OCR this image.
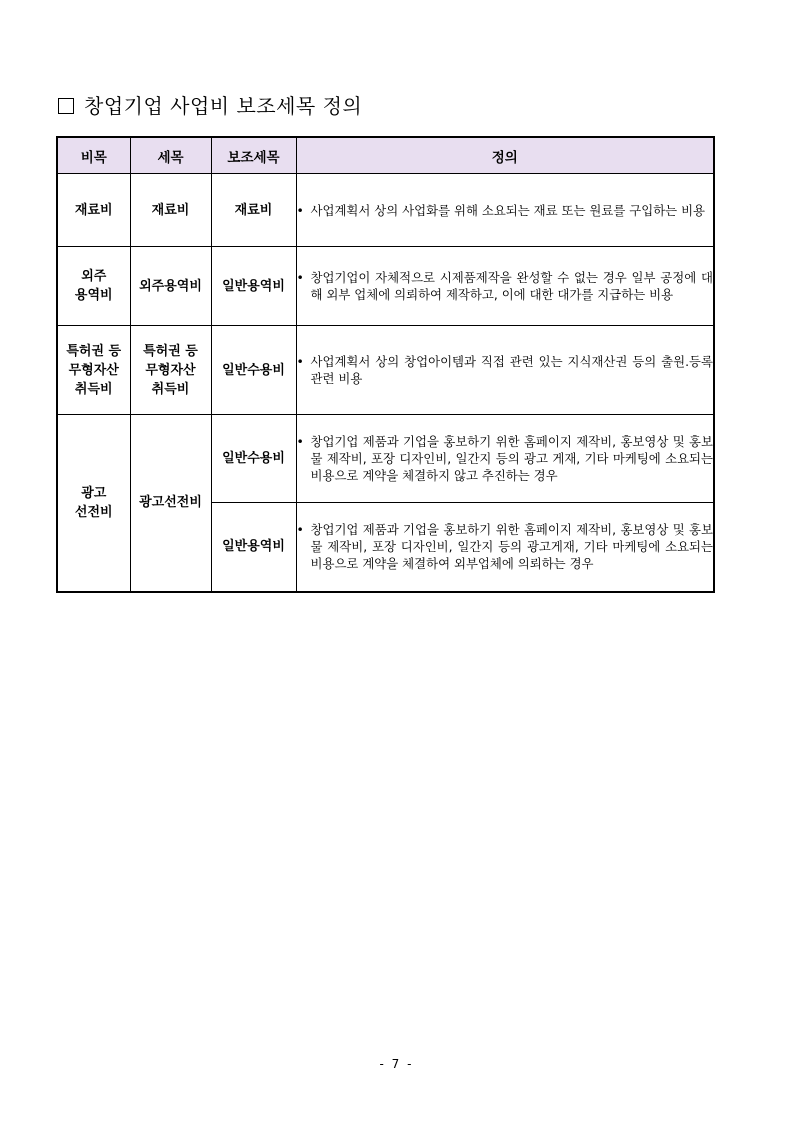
창업기업 사업비 보조세목 정의
비목	세목	보조세목	정의
재료비	재료비	재료비	• 사업계획서 상의 사업화를 위해 소요되는 재료 또는 원료를 구입하는 비용

외주
용역비	외주용역비	일반용역비	• 창업기업이 자체적으로 시제품제작을 완성할 수 없는 경우 일부 공정에 대해 외부 업체에 의뢰하여 제작하고, 이에 대한 대가를 지급하는 비용

특허권 등
무형자산
취득비	특허권 등
무형자산
취득비	일반수용비	• 사업계획서 상의 창업아이템과 직접 관련 있는 지식재산권 등의 출원.등록 관련 비용

광고
선전비	광고선전비	일반수용비	• 창업기업 제품과 기업을 홍보하기 위한 홈페이지 제작비, 홍보영상 및 홍보물 제작비, 포장 디자인비, 일간지 등의 광고 게재, 기타 마케팅에 소요되는 비용으로 계약을 체결하지 않고 추진하는 경우

		일반용역비	• 창업기업 제품과 기업을 홍보하기 위한 홈페이지 제작비, 홍보영상 및 홍보물 제작비, 포장 디자인비, 일간지 등의 광고게재, 기타 마케팅에 소요되는 비용으로 계약을 체결하여 외부업체에 의뢰하는 경우
- 7 -
